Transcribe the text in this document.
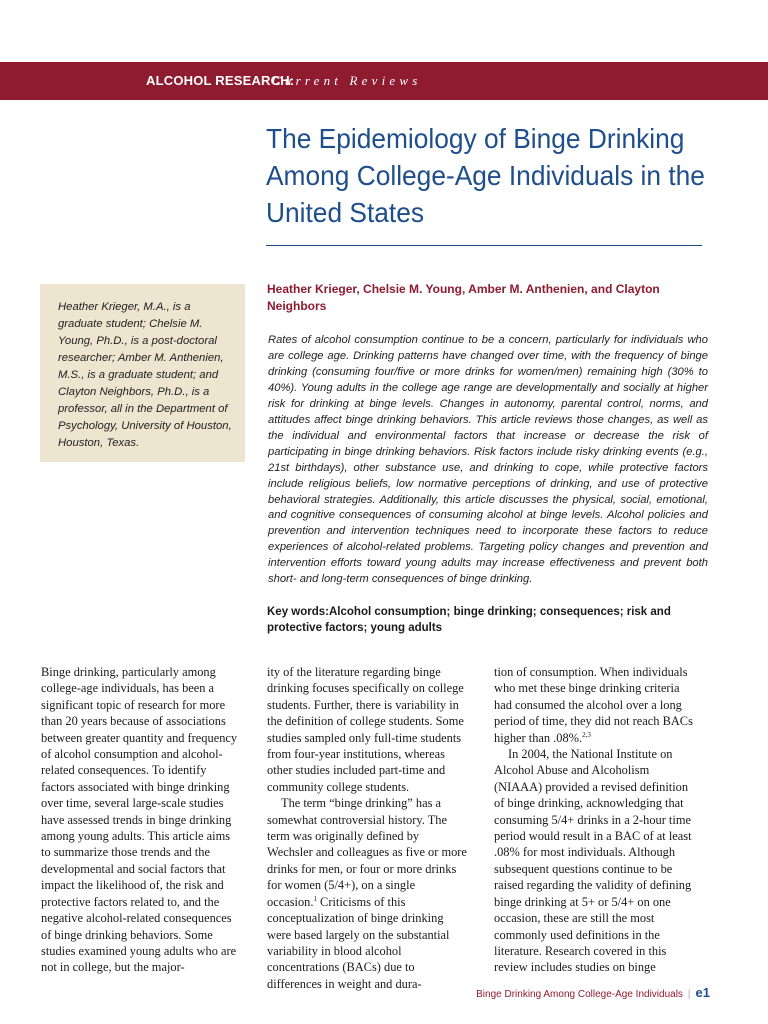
ALCOHOL RESEARCH:
Current Reviews
The Epidemiology of Binge Drinking Among College-Age Individuals in the United States
Heather Krieger, Chelsie M. Young, Amber M. Anthenien, and Clayton Neighbors
Heather Krieger, M.A., is a graduate student; Chelsie M. Young, Ph.D., is a post-doctoral researcher; Amber M. Anthenien, M.S., is a graduate student; and Clayton Neighbors, Ph.D., is a professor, all in the Department of Psychology, University of Houston, Houston, Texas.
Rates of alcohol consumption continue to be a concern, particularly for individuals who are college age. Drinking patterns have changed over time, with the frequency of binge drinking (consuming four/five or more drinks for women/men) remaining high (30% to 40%). Young adults in the college age range are developmentally and socially at higher risk for drinking at binge levels. Changes in autonomy, parental control, norms, and attitudes affect binge drinking behaviors. This article reviews those changes, as well as the individual and environmental factors that increase or decrease the risk of participating in binge drinking behaviors. Risk factors include risky drinking events (e.g., 21st birthdays), other substance use, and drinking to cope, while protective factors include religious beliefs, low normative perceptions of drinking, and use of protective behavioral strategies. Additionally, this article discusses the physical, social, emotional, and cognitive consequences of consuming alcohol at binge levels. Alcohol policies and prevention and intervention techniques need to incorporate these factors to reduce experiences of alcohol-related problems. Targeting policy changes and prevention and intervention efforts toward young adults may increase effectiveness and prevent both short- and long-term consequences of binge drinking.
Key words:Alcohol consumption; binge drinking; consequences; risk and protective factors; young adults

Binge drinking, particularly among college-age individuals, has been a significant topic of research for more than 20 years because of associations between greater quantity and frequency of alcohol consumption and alcohol-related consequences. To identify factors associated with binge drinking over time, several large-scale studies have assessed trends in binge drinking among young adults. This article aims to summarize those trends and the developmental and social factors that impact the likelihood of, the risk and protective factors related to, and the negative alcohol-related consequences of binge drinking behaviors. Some studies examined young adults who are not in college, but the major-

ity of the literature regarding binge drinking focuses specifically on college students. Further, there is variability in the definition of college students. Some studies sampled only full-time students from four-year institutions, whereas other studies included part-time and community college students.

The term “binge drinking” has a somewhat controversial history. The term was originally defined by Wechsler and colleagues as five or more drinks for men, or four or more drinks for women (5/4+), on a single occasion.$^1$ Criticisms of this conceptualization of binge drinking were based largely on the substantial variability in blood alcohol concentrations (BACs) due to differences in weight and dura-

tion of consumption. When individuals who met these binge drinking criteria had consumed the alcohol over a long period of time, they did not reach BACs higher than .08%.$^{2,3}$

In 2004, the National Institute on Alcohol Abuse and Alcoholism (NIAAA) provided a revised definition of binge drinking, acknowledging that consuming 5/4+ drinks in a 2-hour time period would result in a BAC of at least .08% for most individuals. Although subsequent questions continue to be raised regarding the validity of defining binge drinking at 5+ or 5/4+ on one occasion, these are still the most commonly used definitions in the literature. Research covered in this review includes studies on binge

Binge Drinking Among College-Age Individuals | e1
